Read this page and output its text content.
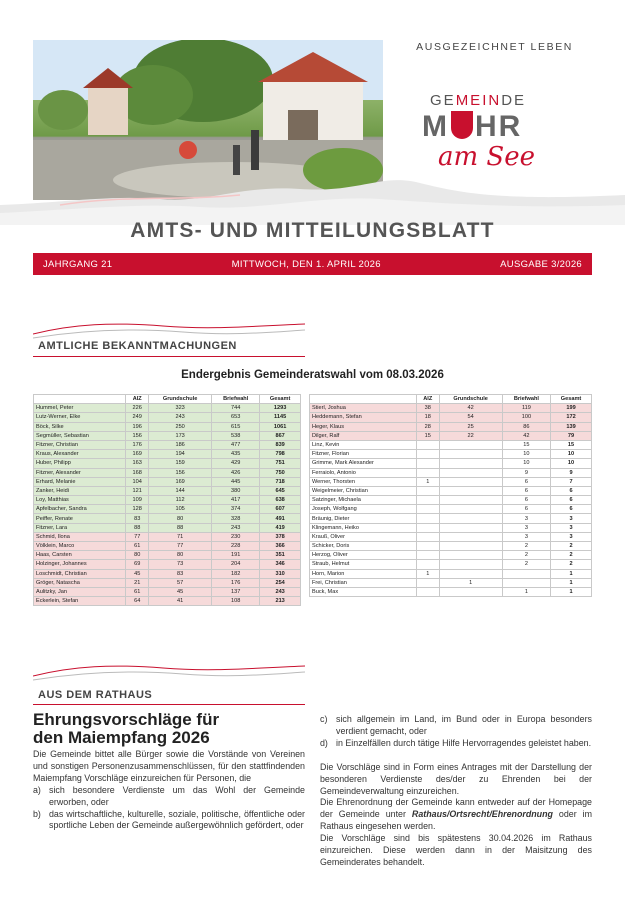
AUSGEZEICHNET LEBEN
GEMEINDE
M HR
am See
AMTS- UND MITTEILUNGSBLATT
JAHRGANG 21	MITTWOCH, DEN 1. APRIL 2026	AUSGABE 3/2026
AMTLICHE BEKANNTMACHUNGEN
Endergebnis Gemeinderatswahl vom 08.03.2026
	AIZ	Grundschule	Briefwahl	Gesamt
Hummel, Peter	226	323	744	1293
Lutz-Werner, Elke	249	243	653	1145
Böck, Silke	196	250	615	1061
Segmüller, Sebastian	156	173	538	867
Fitzner, Christian	176	186	477	839
Kraus, Alexander	169	194	435	798
Huber, Philipp	163	159	429	751
Fitzner, Alexander	168	156	426	750
Erhard, Melanie	104	169	445	718
Zanker, Heidi	121	144	380	645
Loy, Matthias	109	112	417	638
Apfelbacher, Sandra	128	105	374	607
Peiffer, Renate	83	80	328	491
Fitzner, Lara	88	88	243	419
Schmid, Ilona	77	71	230	378
Völklein, Marco	61	77	228	366
Haas, Carsten	80	80	191	351
Holzinger, Johannes	69	73	204	346
Loschmidt, Christian	45	83	182	310
Gröger, Natascha	21	57	176	254
Aulitzky, Jan	61	45	137	243
Eckerlein, Stefan	64	41	108	213
	AIZ	Grundschule	Briefwahl	Gesamt
Stierl, Joshua	38	42	119	199
Heddemann, Stefan	18	54	100	172
Heger, Klaus	28	25	86	139
Dilger, Ralf	15	22	42	79
Linz, Kevin			15	15
Fitzner, Florian			10	10
Grimme, Mark Alexander			10	10
Ferraiolo, Antonio			9	9
Werner, Thorsten	1		6	7
Weigelmeier, Christian			6	6
Satzinger, Michaela			6	6
Joseph, Wolfgang			6	6
Bräunig, Dieter			3	3
Klingemann, Heiko			3	3
Krauß, Oliver			3	3
Schicker, Doris			2	2
Herzog, Oliver			2	2
Straub, Helmut			2	2
Horn, Marion	1			1
Frei, Christian		1		1
Buck, Max			1	1
AUS DEM RATHAUS
Ehrungsvorschläge für
den Maiempfang 2026

Die Gemeinde bittet alle Bürger sowie die Vorstände von Vereinen und sonstigen Personenzusammenschlüssen, für den stattfindenden Maiempfang Vorschläge einzureichen für Personen, die

a) sich besondere Verdienste um das Wohl der Gemeinde erworben, oder
b) das wirtschaftliche, kulturelle, soziale, politische, öffentliche oder sportliche Leben der Gemeinde außergewöhnlich gefördert, oder
c) sich allgemein im Land, im Bund oder in Europa besonders verdient gemacht, oder
d) in Einzelfällen durch tätige Hilfe Hervorragendes geleistet haben.

Die Vorschläge sind in Form eines Antrages mit der Darstellung der besonderen Verdienste des/der zu Ehrenden bei der Gemeindeverwaltung einzureichen.

Die Ehrenordnung der Gemeinde kann entweder auf der Homepage der Gemeinde unter Rathaus/Ortsrecht/Ehrenordnung oder im Rathaus eingesehen werden.

Die Vorschläge sind bis spätestens 30.04.2026 im Rathaus einzureichen. Diese werden dann in der Maisitzung des Gemeinderates behandelt.
